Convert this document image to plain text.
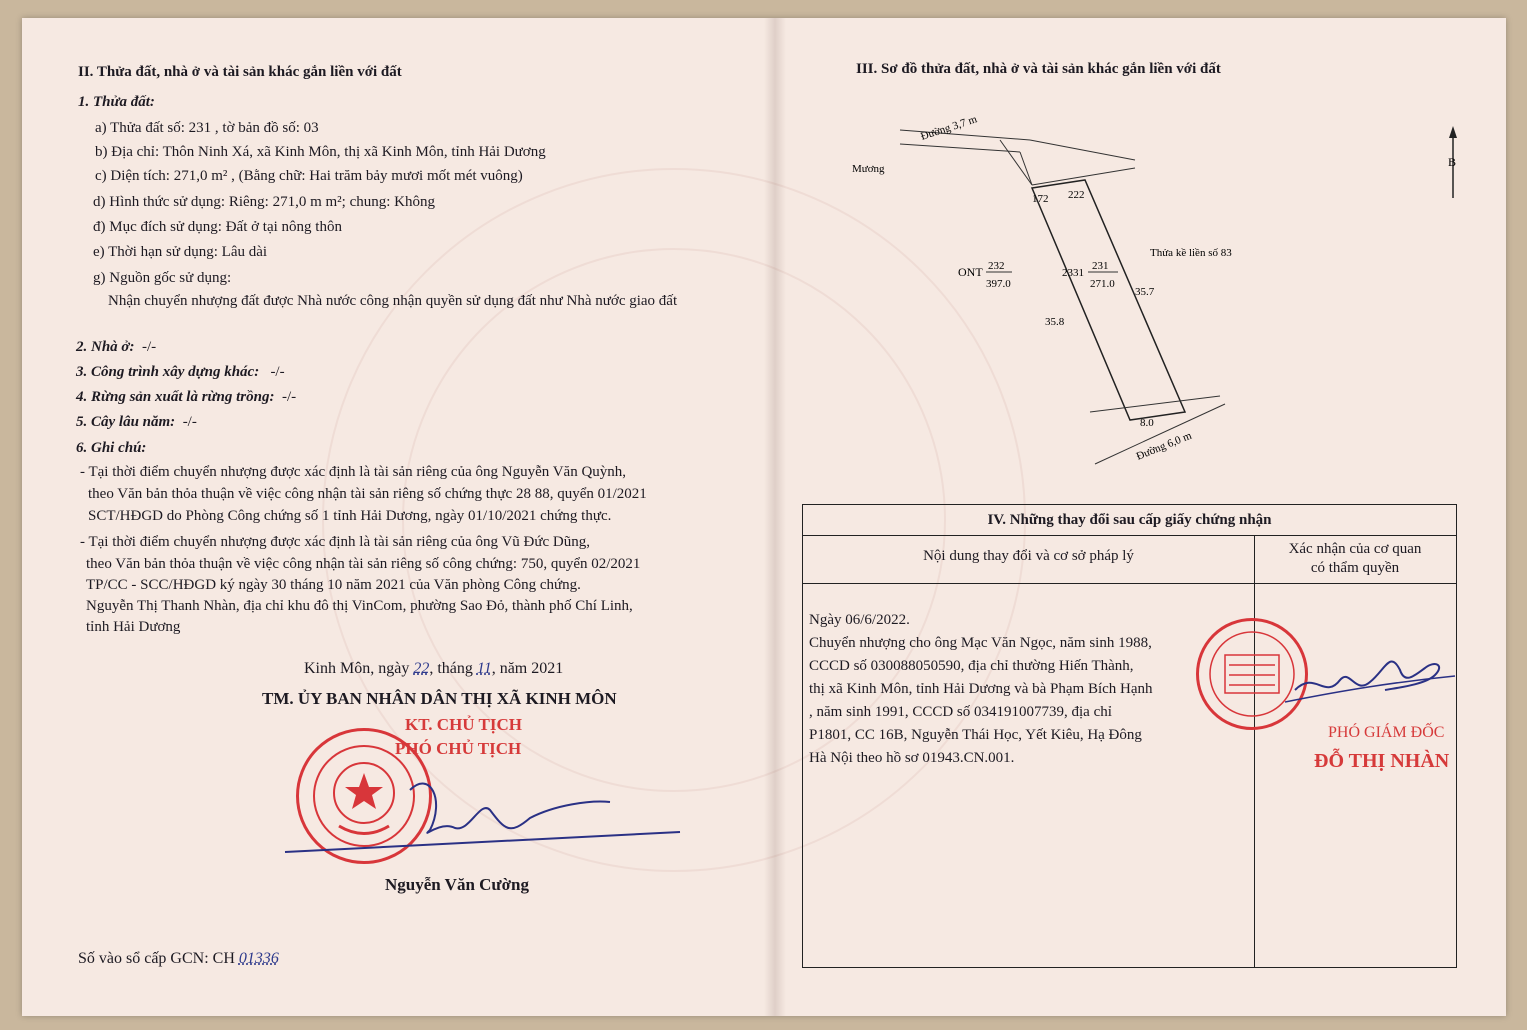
II. Thửa đất, nhà ở và tài sản khác gắn liền với đất
1. Thửa đất:
a) Thửa đất số: 231 , tờ bản đồ số: 03
b) Địa chỉ: Thôn Ninh Xá, xã Kinh Môn, thị xã Kinh Môn, tỉnh Hải Dương
c) Diện tích: 271,0 m² , (Bằng chữ: Hai trăm bảy mươi mốt mét vuông)
d) Hình thức sử dụng: Riêng: 271,0 m m²; chung: Không
đ) Mục đích sử dụng: Đất ở tại nông thôn
e) Thời hạn sử dụng: Lâu dài
g) Nguồn gốc sử dụng:
Nhận chuyển nhượng đất được Nhà nước công nhận quyền sử dụng đất như Nhà nước giao đất
2. Nhà ở: -/-
3. Công trình xây dựng khác: -/-
4. Rừng sản xuất là rừng trồng: -/-
5. Cây lâu năm: -/-
6. Ghi chú:
- Tại thời điểm chuyển nhượng được xác định là tài sản riêng của ông Nguyễn Văn Quỳnh,
theo Văn bản thỏa thuận về việc công nhận tài sản riêng số chứng thực 28 88, quyển 01/2021
SCT/HĐGD do Phòng Công chứng số 1 tỉnh Hải Dương, ngày 01/10/2021 chứng thực.
- Tại thời điểm chuyển nhượng được xác định là tài sản riêng của ông Vũ Đức Dũng,
theo Văn bản thỏa thuận về việc công nhận tài sản riêng số công chứng: 750, quyển 02/2021
TP/CC - SCC/HĐGD ký ngày 30 tháng 10 năm 2021 của Văn phòng Công chứng.
Nguyễn Thị Thanh Nhàn, địa chỉ khu đô thị VinCom, phường Sao Đỏ, thành phố Chí Linh,
tỉnh Hải Dương
Kinh Môn, ngày 22, tháng 11, năm 2021
TM. ỦY BAN NHÂN DÂN THỊ XÃ KINH MÔN
KT. CHỦ TỊCH
PHÓ CHỦ TỊCH
Nguyễn Văn Cường
Số vào sổ cấp GCN: CH 01336
III. Sơ đồ thửa đất, nhà ở và tài sản khác gắn liền với đất
Đường 3,7 m
Mương	B
172 222
Thửa kề liền số 83
ONT 232
397.0
2331
231
271.0
35.7
35.8
8.0
Đường 6,0 m
IV. Những thay đổi sau cấp giấy chứng nhận
Nội dung thay đổi và cơ sở pháp lý	Xác nhận của cơ quan
có thẩm quyền
Ngày 06/6/2022.
Chuyển nhượng cho ông Mạc Văn Ngọc, năm sinh 1988,
CCCD số 030088050590, địa chỉ thường Hiến Thành,
thị xã Kinh Môn, tỉnh Hải Dương và bà Phạm Bích Hạnh
, năm sinh 1991, CCCD số 034191007739, địa chỉ
P1801, CC 16B, Nguyễn Thái Học, Yết Kiêu, Hạ Đông
Hà Nội theo hồ sơ 01943.CN.001.
PHÓ GIÁM ĐỐC
ĐỖ THỊ NHÀN
